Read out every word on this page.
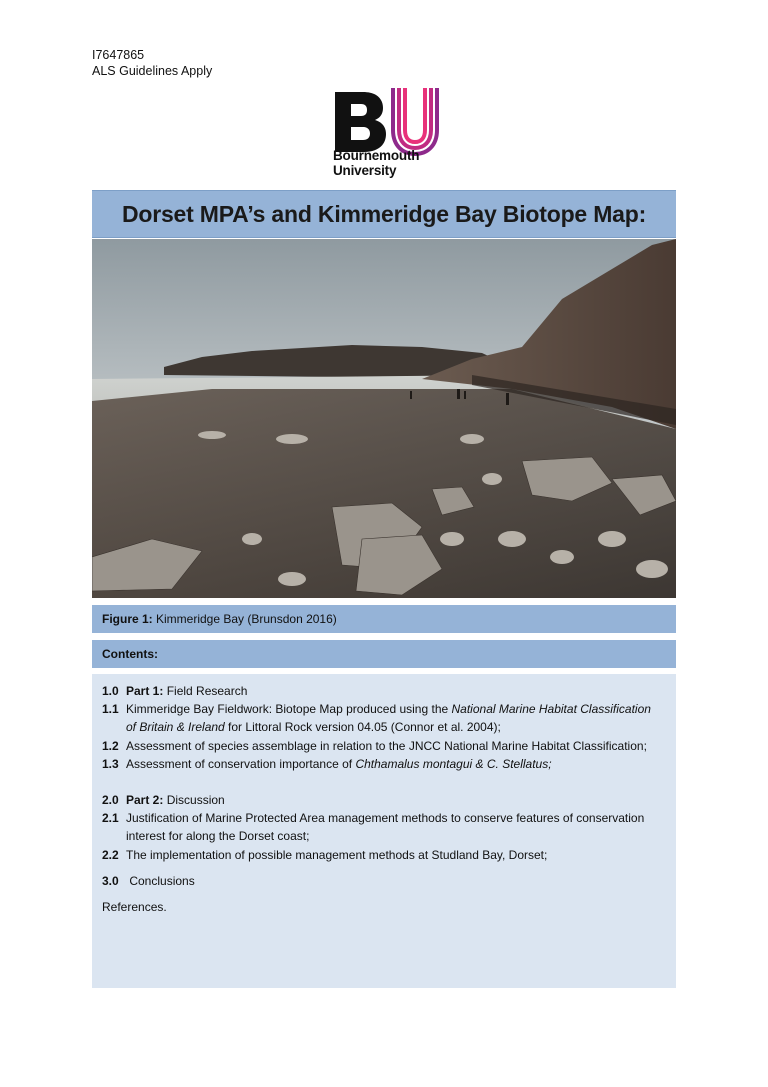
I7647865
ALS Guidelines Apply
Bournemouth
University
Dorset MPA’s and Kimmeridge Bay Biotope Map:
Figure 1: Kimmeridge Bay (Brunsdon 2016)
Contents:
1.0 Part 1: Field Research
1.1 Kimmeridge Bay Fieldwork: Biotope Map produced using the National Marine Habitat Classification of Britain & Ireland for Littoral Rock version 04.05 (Connor et al. 2004);
1.2 Assessment of species assemblage in relation to the JNCC National Marine Habitat Classification;
1.3 Assessment of conservation importance of Chthamalus montagui & C. Stellatus;
2.0 Part 2: Discussion
2.1 Justification of Marine Protected Area management methods to conserve features of conservation interest for along the Dorset coast;
2.2 The implementation of possible management methods at Studland Bay, Dorset;
3.0 Conclusions
References.
